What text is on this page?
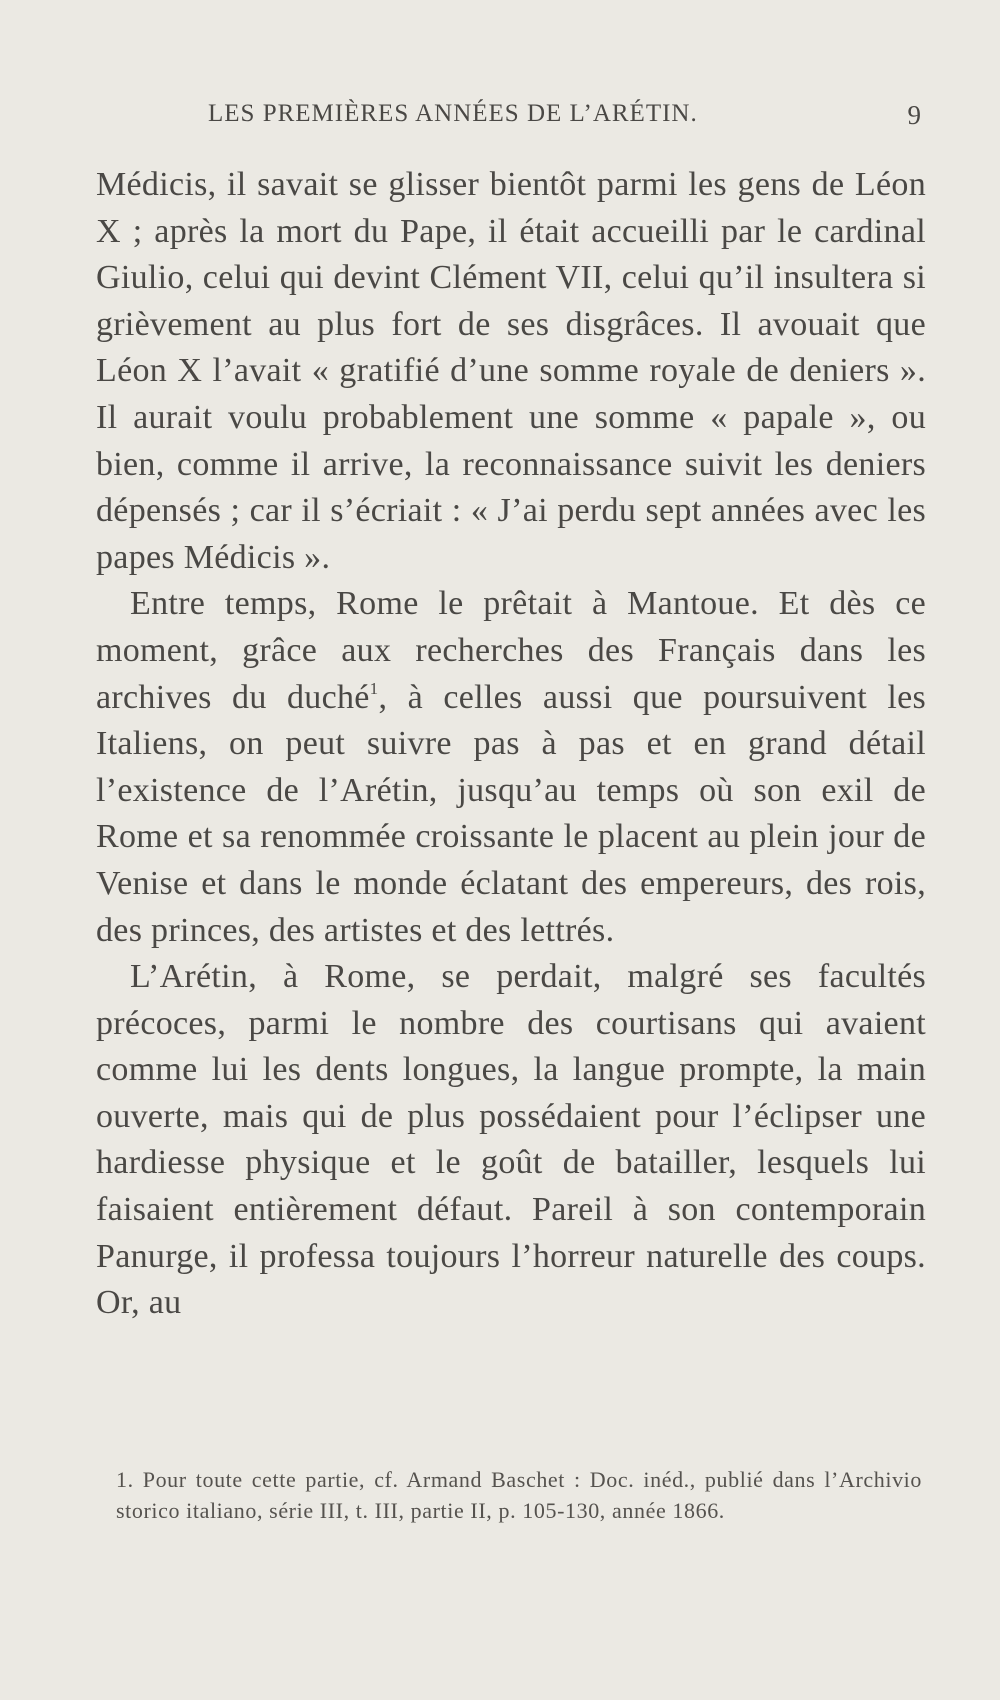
LES PREMIÈRES ANNÉES DE L’ARÉTIN.	9

Médicis, il savait se glisser bientôt parmi les gens de Léon X ; après la mort du Pape, il était accueilli par le cardinal Giulio, celui qui devint Clément VII, celui qu’il insultera si grièvement au plus fort de ses disgrâces. Il avouait que Léon X l’avait « gratifié d’une somme royale de deniers ». Il aurait voulu probablement une somme « papale », ou bien, comme il arrive, la reconnaissance suivit les deniers dépensés ; car il s’écriait : « J’ai perdu sept années avec les papes Médicis ».

Entre temps, Rome le prêtait à Mantoue. Et dès ce moment, grâce aux recherches des Français dans les archives du duché$^1$, à celles aussi que poursuivent les Italiens, on peut suivre pas à pas et en grand détail l’existence de l’Arétin, jusqu’au temps où son exil de Rome et sa renommée croissante le placent au plein jour de Venise et dans le monde éclatant des empereurs, des rois, des princes, des artistes et des lettrés.

L’Arétin, à Rome, se perdait, malgré ses facultés précoces, parmi le nombre des courtisans qui avaient comme lui les dents longues, la langue prompte, la main ouverte, mais qui de plus possédaient pour l’éclipser une hardiesse physique et le goût de batailler, lesquels lui faisaient entièrement défaut. Pareil à son contemporain Panurge, il professa toujours l’horreur naturelle des coups. Or, au

1. Pour toute cette partie, cf. Armand Baschet : Doc. inéd., publié dans l’Archivio storico italiano, série III, t. III, partie II, p. 105-130, année 1866.
